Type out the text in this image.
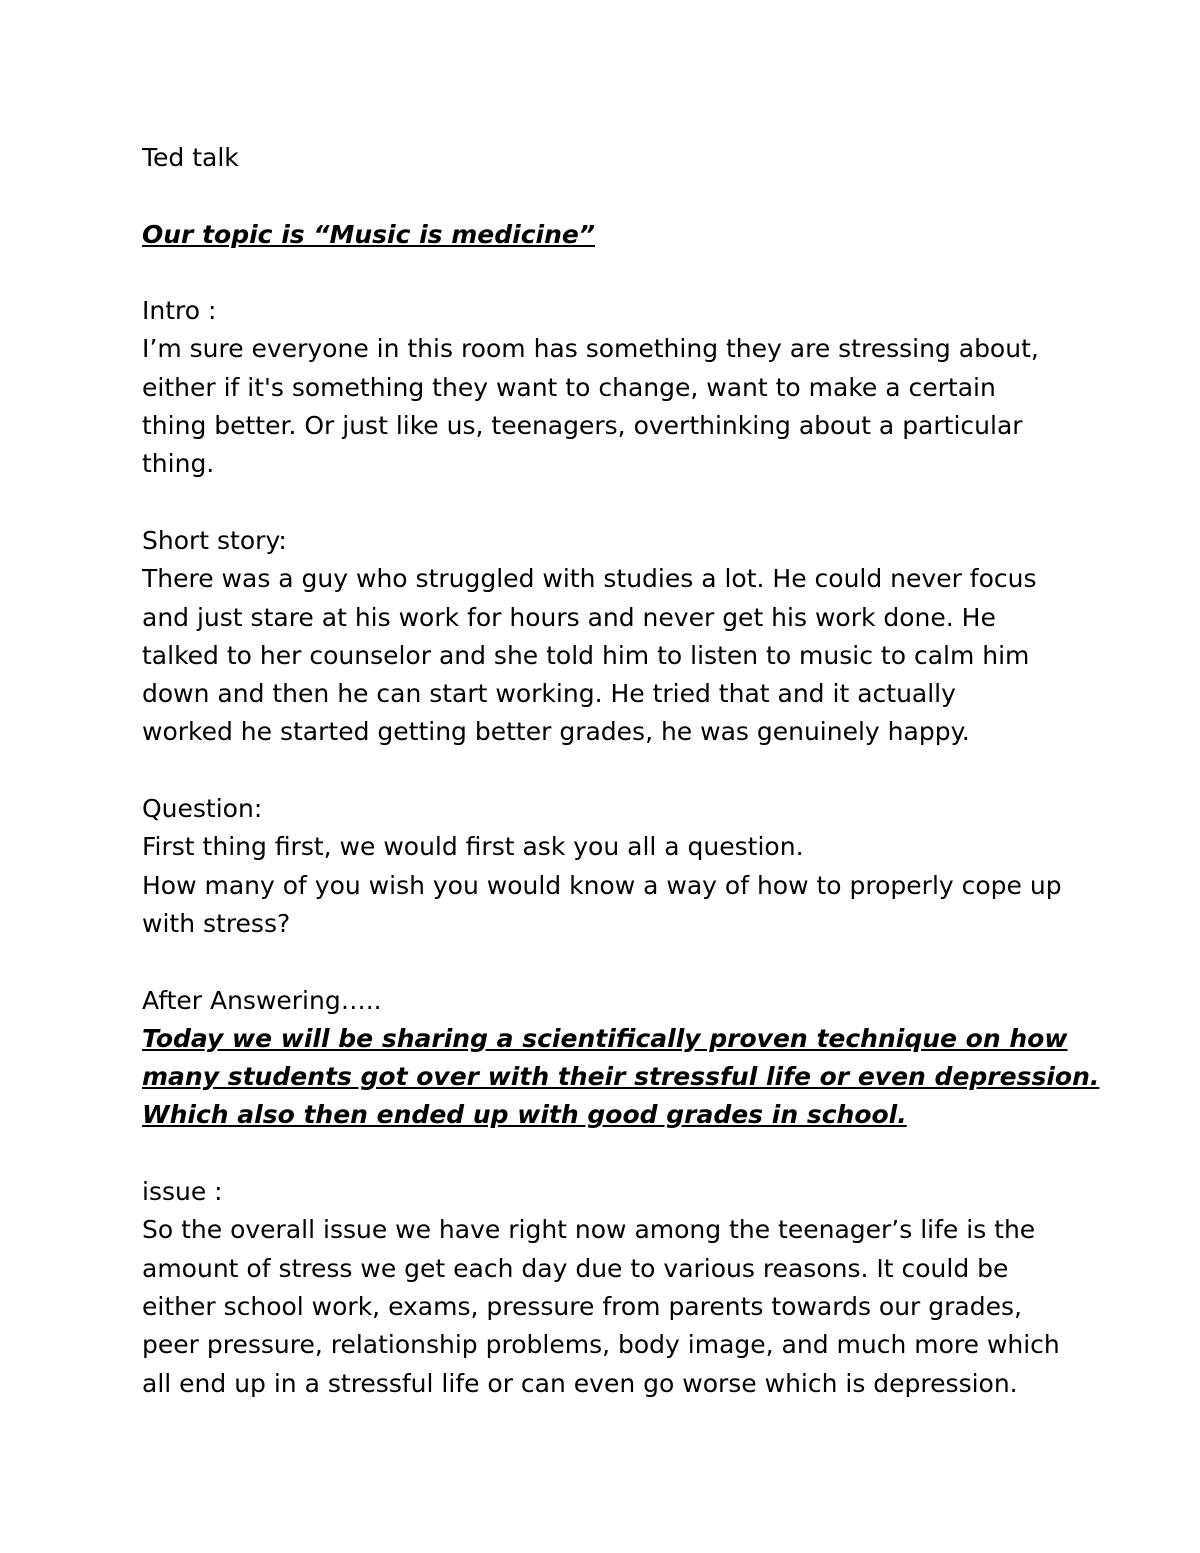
Ted talk
Our topic is “Music is medicine”
Intro :
I’m sure everyone in this room has something they are stressing about,
either if it's something they want to change, want to make a certain
thing better. Or just like us, teenagers, overthinking about a particular
thing.
Short story:
There was a guy who struggled with studies a lot. He could never focus
and just stare at his work for hours and never get his work done. He
talked to her counselor and she told him to listen to music to calm him
down and then he can start working. He tried that and it actually
worked he started getting better grades, he was genuinely happy.
Question:
First thing first, we would first ask you all a question.
How many of you wish you would know a way of how to properly cope up
with stress?
After Answering…..
Today we will be sharing a scientifically proven technique on how
many students got over with their stressful life or even depression.
Which also then ended up with good grades in school.
issue :
So the overall issue we have right now among the teenager’s life is the
amount of stress we get each day due to various reasons. It could be
either school work, exams, pressure from parents towards our grades,
peer pressure, relationship problems, body image, and much more which
all end up in a stressful life or can even go worse which is depression.
